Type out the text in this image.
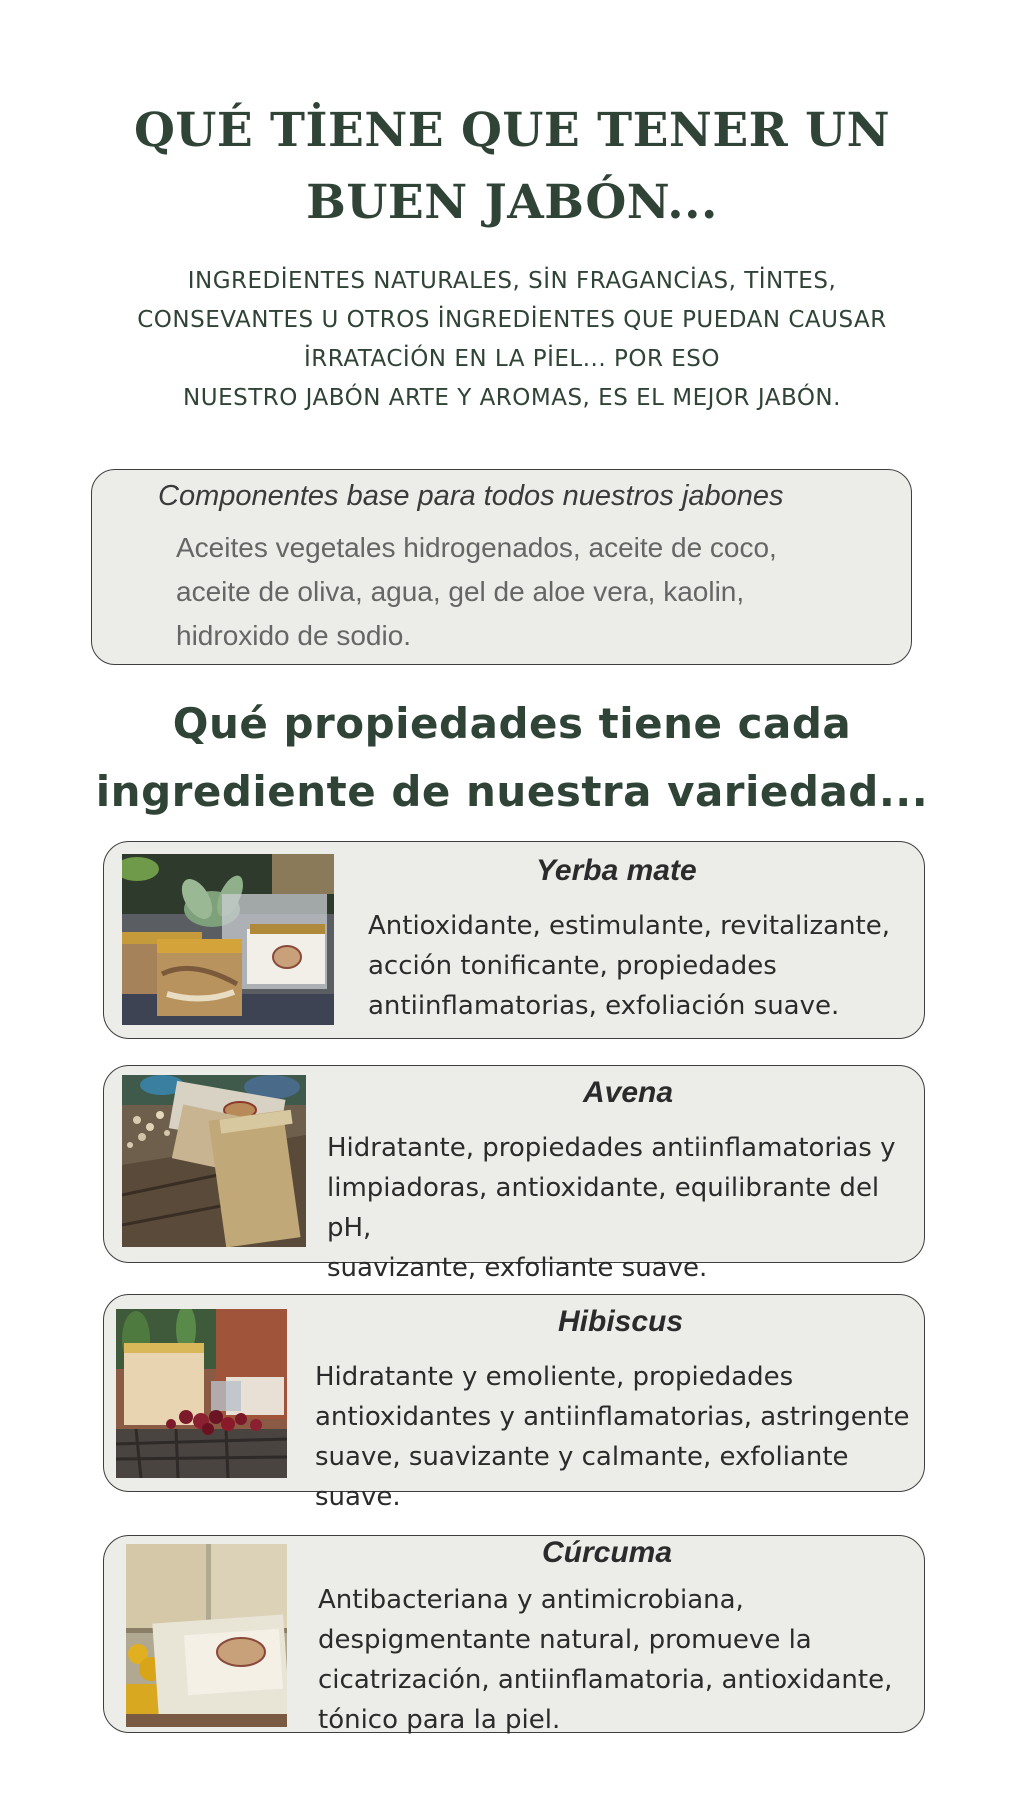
QUÉ TİENE QUE TENER UN
BUEN JABÓN...

INGREDİENTES NATURALES, SİN FRAGANCİAS, TİNTES,
CONSEVANTES U OTROS İNGREDİENTES QUE PUEDAN CAUSAR
İRRATACİÓN EN LA PİEL... POR ESO
NUESTRO JABÓN ARTE Y AROMAS, ES EL MEJOR JABÓN.

Componentes base para todos nuestros jabones

Aceites vegetales hidrogenados, aceite de coco,
aceite de oliva, agua, gel de aloe vera, kaolin,
hidroxido de sodio.

Qué propiedades tiene cada
ingrediente de nuestra variedad...

Yerba mate

Antioxidante, estimulante, revitalizante,
acción tonificante, propiedades
antiinflamatorias, exfoliación suave.

Avena

Hidratante, propiedades antiinflamatorias y
limpiadoras, antioxidante, equilibrante del pH,
suavizante, exfoliante suave.

Hibiscus

Hidratante y emoliente, propiedades
antioxidantes y antiinflamatorias, astringente
suave, suavizante y calmante, exfoliante suave.

Cúrcuma

Antibacteriana y antimicrobiana,
despigmentante natural, promueve la
cicatrización, antiinflamatoria, antioxidante,
tónico para la piel.
